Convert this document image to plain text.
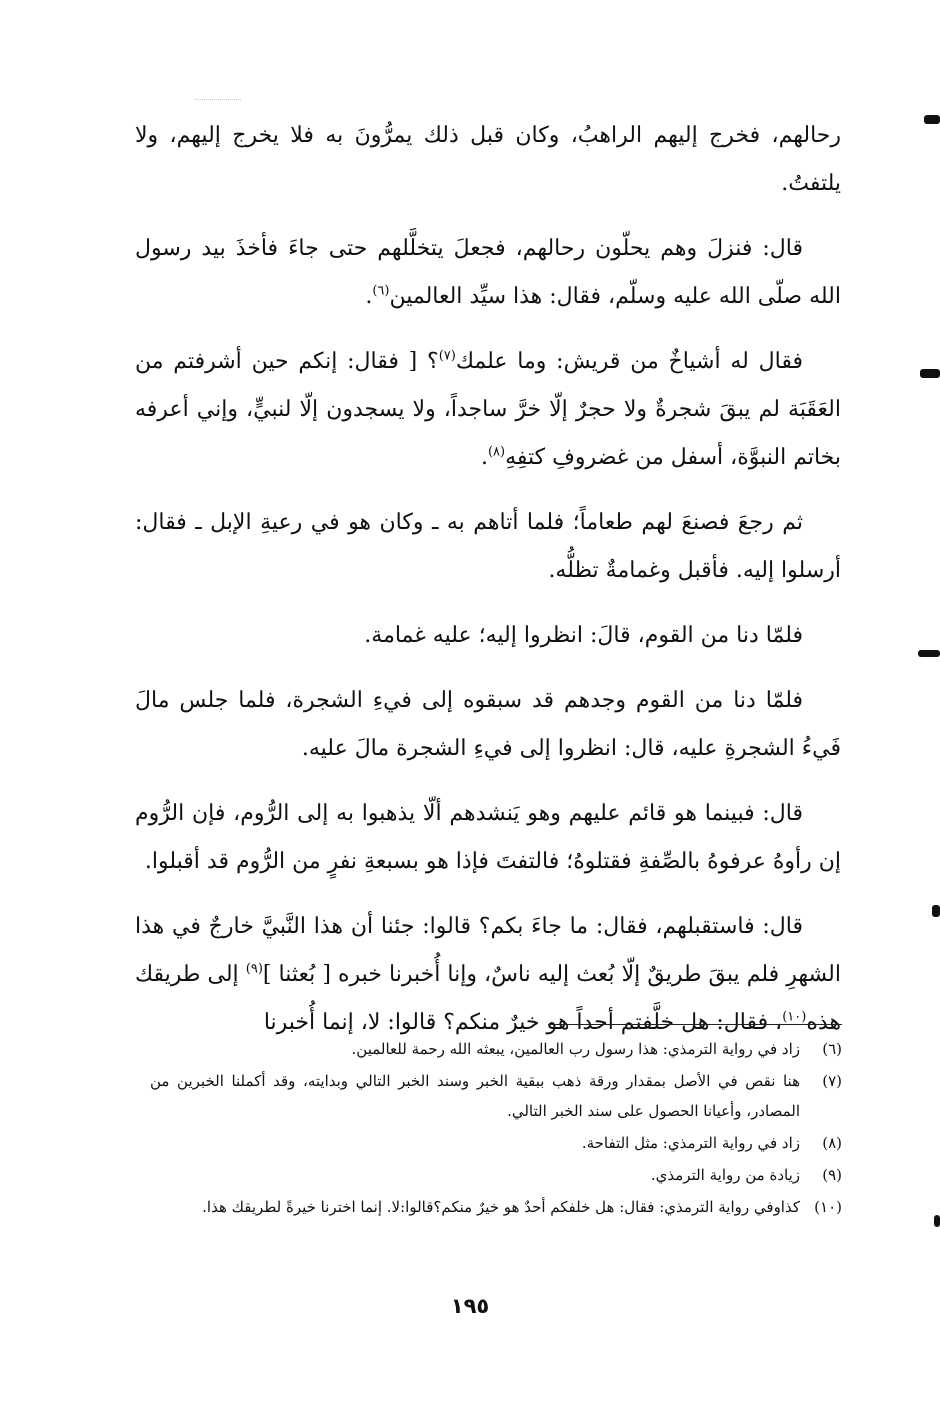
رحالهم، فخرج إليهم الراهبُ، وكان قبل ذلك يمرُّونَ به فلا يخرج إليهم، ولا يلتفتُ.

قال: فنزلَ وهم يحلّون رحالهم، فجعلَ يتخلَّلهم حتى جاءَ فأخذَ بيد رسول الله صلّى الله عليه وسلّم، فقال: هذا سيِّد العالمين$^{(٦)}$.

فقال له أشياخٌ من قريش: وما علمك$^{(٧)}$؟ [ فقال: إنكم حين أشرفتم من العَقَبَة لم يبقَ شجرةٌ ولا حجرٌ إلّا خرَّ ساجداً، ولا يسجدون إلّا لنبيٍّ، وإني أعرفه بخاتم النبوَّة، أسفل من غضروفِ كتفِهِ$^{(٨)}$.

ثم رجعَ فصنعَ لهم طعاماً؛ فلما أتاهم به ـ وكان هو في رعيةِ الإبل ـ فقال: أرسلوا إليه. فأقبل وغمامةٌ تظلُّه.

فلمّا دنا من القوم، قالَ: انظروا إليه؛ عليه غمامة.

فلمّا دنا من القوم وجدهم قد سبقوه إلى فيءِ الشجرة، فلما جلس مالَ فَيءُ الشجرةِ عليه، قال: انظروا إلى فيءِ الشجرة مالَ عليه.

قال: فبينما هو قائم عليهم وهو يَنشدهم ألّا يذهبوا به إلى الرُّوم، فإن الرُّوم إن رأوهُ عرفوهُ بالصِّفةِ فقتلوهُ؛ فالتفتَ فإذا هو بسبعةِ نفرٍ من الرُّوم قد أقبلوا.

قال: فاستقبلهم، فقال: ما جاءَ بكم؟ قالوا: جئنا أن هذا النَّبيَّ خارجٌ في هذا الشهرِ فلم يبقَ طريقٌ إلّا بُعث إليه ناسٌ، وإنا أُخبرنا خبره [ بُعثنا ]$^{(٩)}$ إلى طريقك هذه$^{(١٠)}$، فقال: هل خلَّفتم أحداً هو خيرٌ منكم؟ قالوا: لا، إنما أُخبرنا

(٦)
زاد في رواية الترمذي: هذا رسول رب العالمين، يبعثه الله رحمة للعالمين.
(٧)
هنا نقص في الأصل بمقدار ورقة ذهب ببقية الخبر وسند الخبر التالي وبدايته، وقد أكملنا الخبرين من المصادر، وأعيانا الحصول على سند الخبر التالي.
(٨)
زاد في رواية الترمذي: مثل التفاحة.
(٩)
زيادة من رواية الترمذي.
(١٠)
كذاوفي رواية الترمذي: فقال: هل خلفكم أحدٌ هو خيرٌ منكم؟قالوا:لا. إنما اخترنا خيرةً لطريقك هذا.
١٩٥
